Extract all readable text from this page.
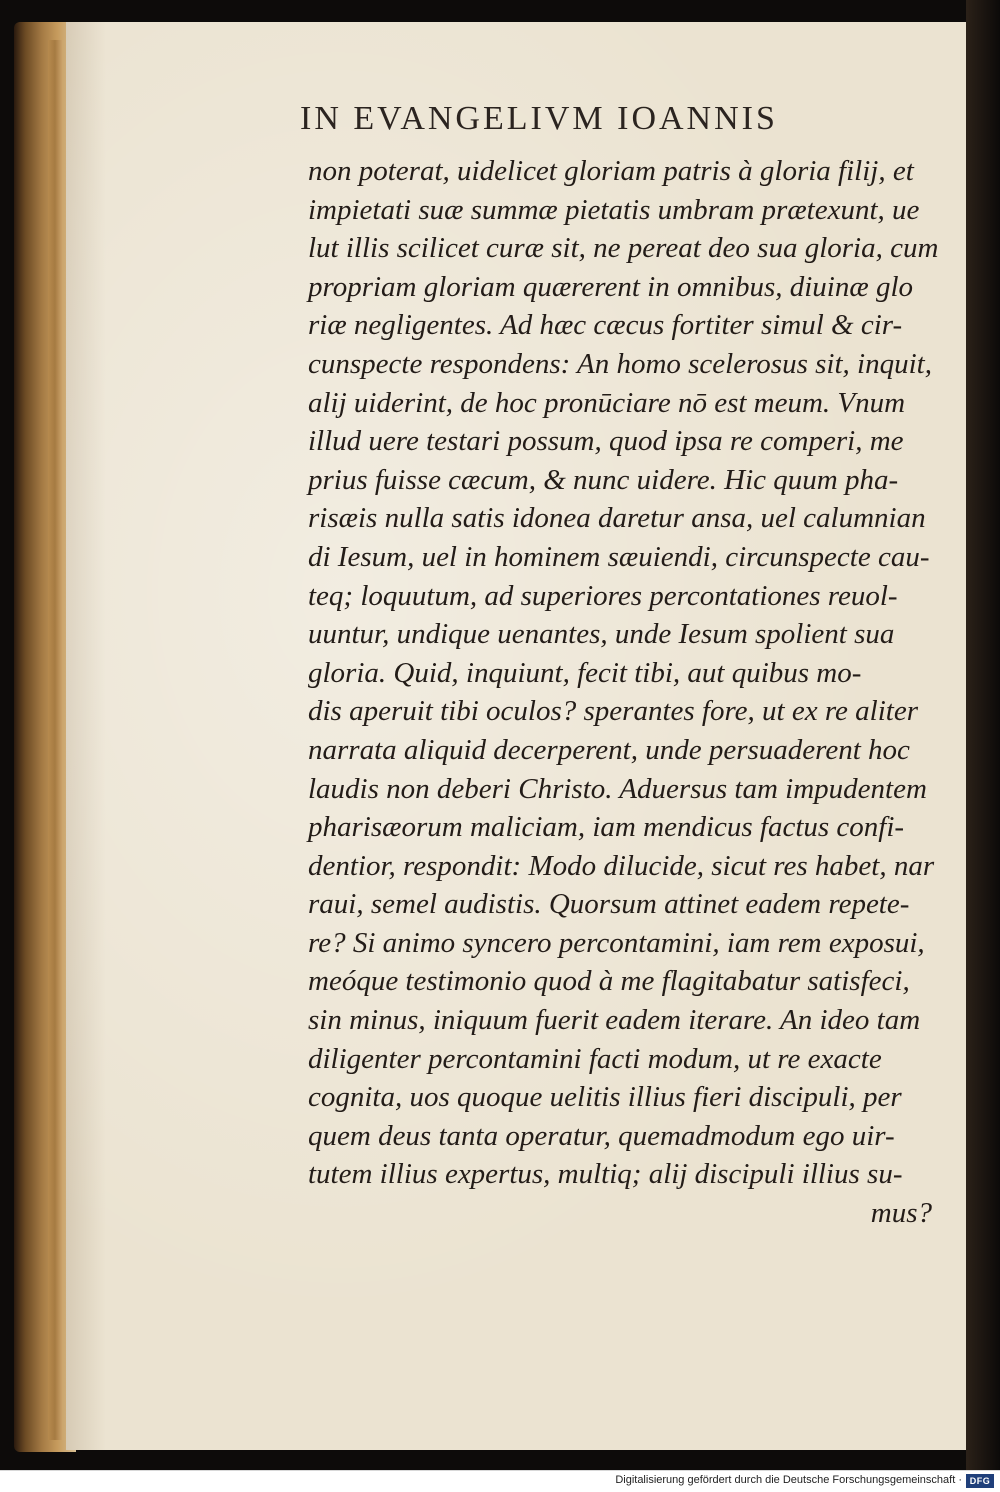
IN EVANGELIVM IOANNIS
non poterat, uidelicet gloriam patris à gloria filij, et
impietati suæ summæ pietatis umbram prætexunt, ue
lut illis scilicet curæ sit, ne pereat deo sua gloria, cum
propriam gloriam quærerent in omnibus, diuinæ glo
riæ negligentes. Ad hæc cæcus fortiter simul & cir-
cunspecte respondens: An homo scelerosus sit, inquit,
alij uiderint, de hoc pronūciare nō est meum. Vnum
illud uere testari possum, quod ipsa re comperi, me
prius fuisse cæcum, & nunc uidere. Hic quum pha-
risæis nulla satis idonea daretur ansa, uel calumnian
di Iesum, uel in hominem sæuiendi, circunspecte cau-
teq; loquutum, ad superiores percontationes reuol-
uuntur, undique uenantes, unde Iesum spolient sua
gloria. Quid, inquiunt, fecit tibi, aut quibus mo-
dis aperuit tibi oculos? sperantes fore, ut ex re aliter
narrata aliquid decerperent, unde persuaderent hoc
laudis non deberi Christo. Aduersus tam impudentem
pharisæorum maliciam, iam mendicus factus confi-
dentior, respondit: Modo dilucide, sicut res habet, nar
raui, semel audistis. Quorsum attinet eadem repete-
re? Si animo syncero percontamini, iam rem exposui,
meóque testimonio quod à me flagitabatur satisfeci,
sin minus, iniquum fuerit eadem iterare. An ideo tam
diligenter percontamini facti modum, ut re exacte
cognita, uos quoque uelitis illius fieri discipuli, per
quem deus tanta operatur, quemadmodum ego uir-
tutem illius expertus, multiq; alij discipuli illius su-
mus?
Digitalisierung gefördert durch die Deutsche Forschungsgemeinschaft · DFG
